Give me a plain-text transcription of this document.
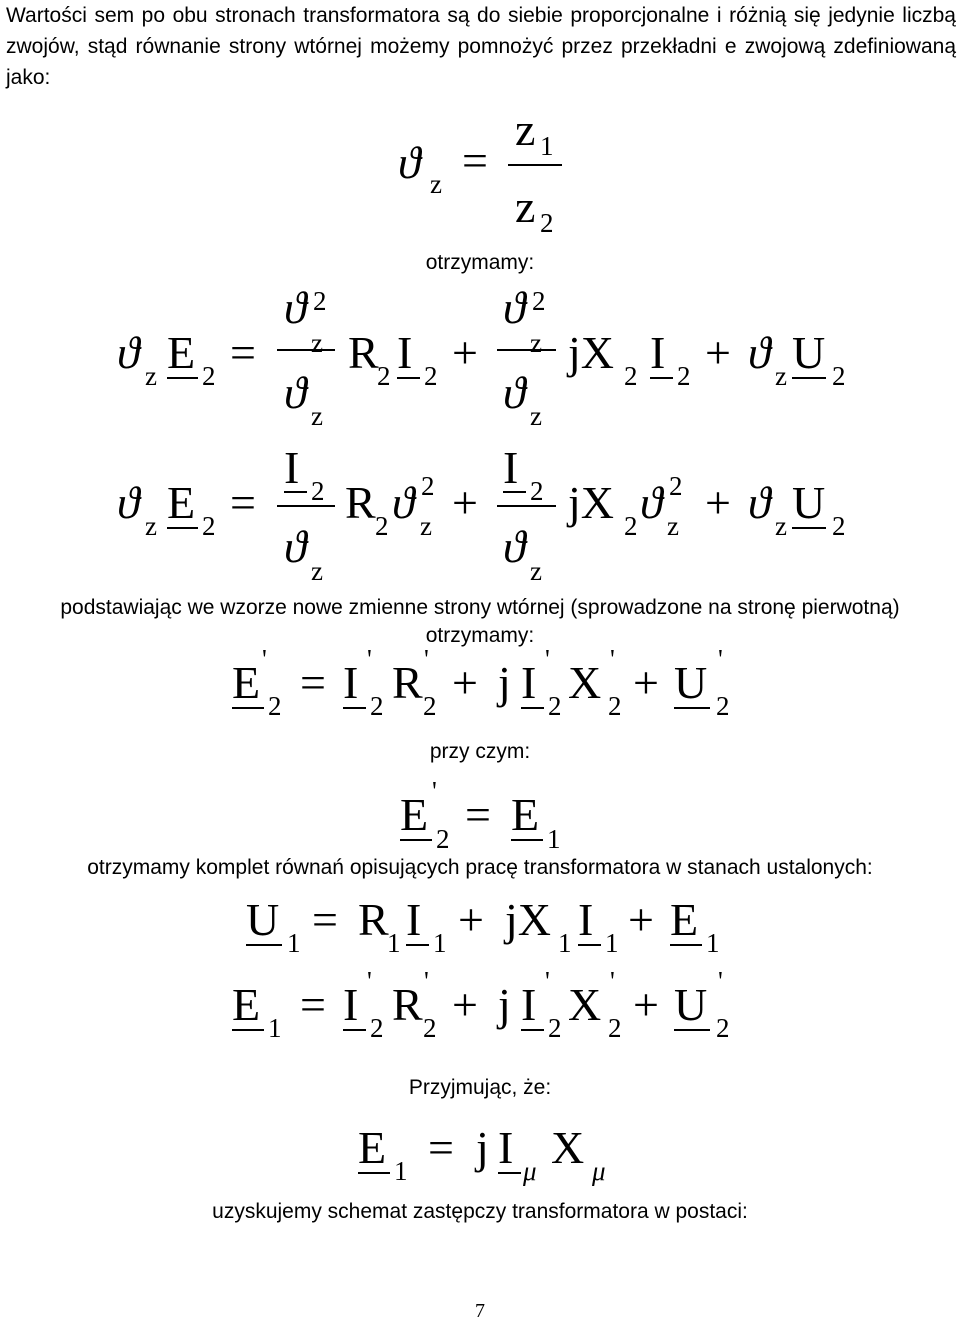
Wartości sem po obu stronach transformatora są do siebie proporcjonalne i różnią się jedynie liczbą zwojów, stąd równanie strony wtórnej możemy pomnożyć przez przekładni e zwojową zdefiniowaną jako:
ϑ z =
z 1
z 2
ϑ z E 2 =
ϑ
z
2
ϑ z
R
2 I 2 +
ϑ
z
2
ϑ z
jX 2 I 2 + ϑ z U 2
ϑ z E 2 =
I 2
ϑ z
R 2 ϑ z
2 +
I 2
ϑ z
jX 2 ϑ z
2 + ϑ z U 2
E '
2 = I '
2 R '
2 + j I '
2 X '
2 + U '
2
E '
2 = E 1
U 1 = R
1 I 1 + jX 1 I 1 + E 1
E 1 = I '
2 R '
2 + j I '
2 X '
2 + U '
2
E 1 = j I μ X μ
otrzymamy:
podstawiając we wzorze nowe zmienne strony wtórnej (sprowadzone na stronę pierwotną)
otrzymamy:
przy czym:
otrzymamy komplet równań opisujących pracę transformatora w stanach ustalonych:
Przyjmując, że:
uzyskujemy schemat zastępczy transformatora w postaci:
7
